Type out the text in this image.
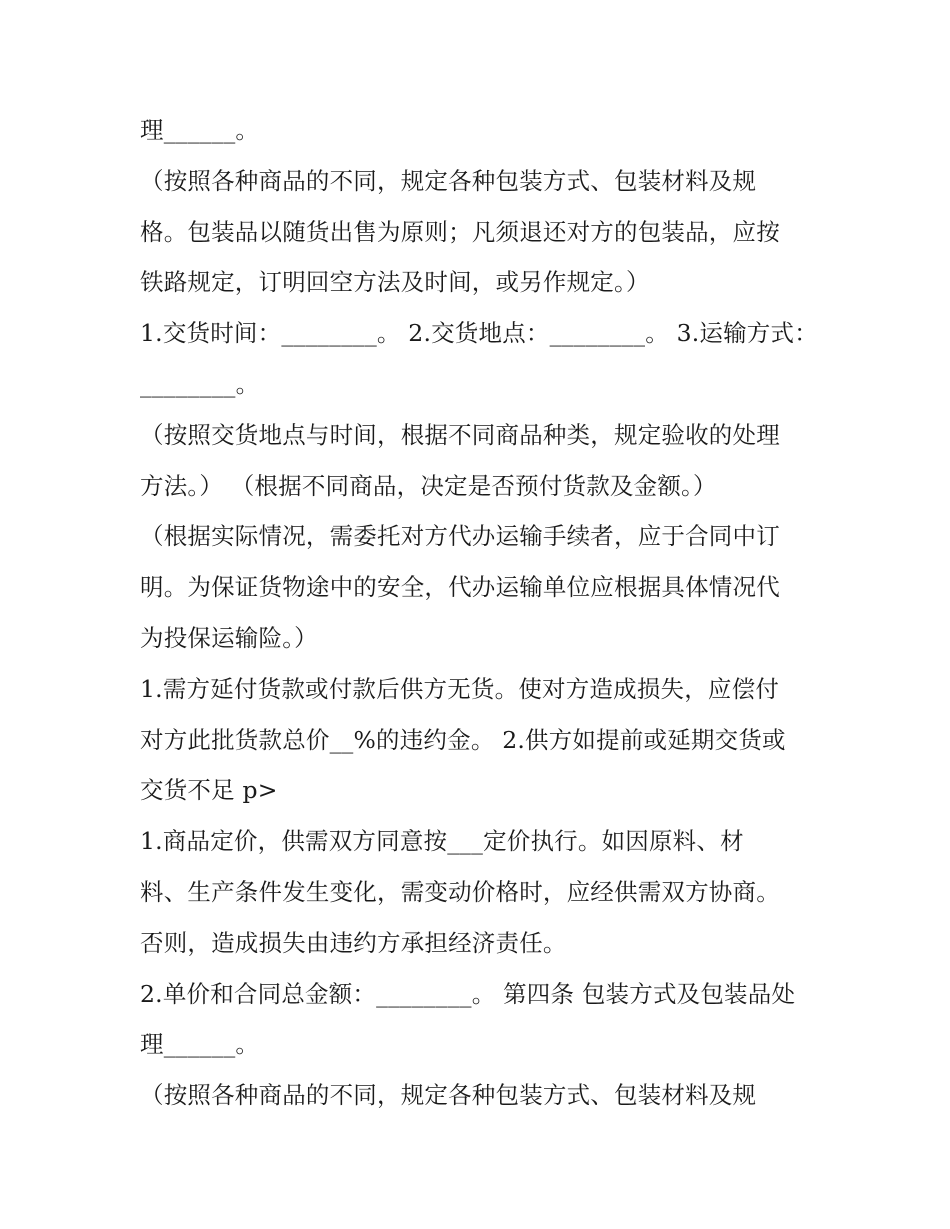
理______。
（按照各种商品的不同，规定各种包装方式、包装材料及规
格。包装品以随货出售为原则；凡须退还对方的包装品，应按
铁路规定，订明回空方法及时间，或另作规定。）
1.交货时间：________。 2.交货地点：________。 3.运输方式：
________。
（按照交货地点与时间，根据不同商品种类，规定验收的处理
方法。） （根据不同商品，决定是否预付货款及金额。）
（根据实际情况，需委托对方代办运输手续者，应于合同中订
明。为保证货物途中的安全，代办运输单位应根据具体情况代
为投保运输险。）
1.需方延付货款或付款后供方无货。使对方造成损失，应偿付
对方此批货款总价__%的违约金。 2.供方如提前或延期交货或
交货不足 p>
1.商品定价，供需双方同意按___定价执行。如因原料、材
料、生产条件发生变化，需变动价格时，应经供需双方协商。
否则，造成损失由违约方承担经济责任。
2.单价和合同总金额：________。 第四条 包装方式及包装品处
理______。
（按照各种商品的不同，规定各种包装方式、包装材料及规
